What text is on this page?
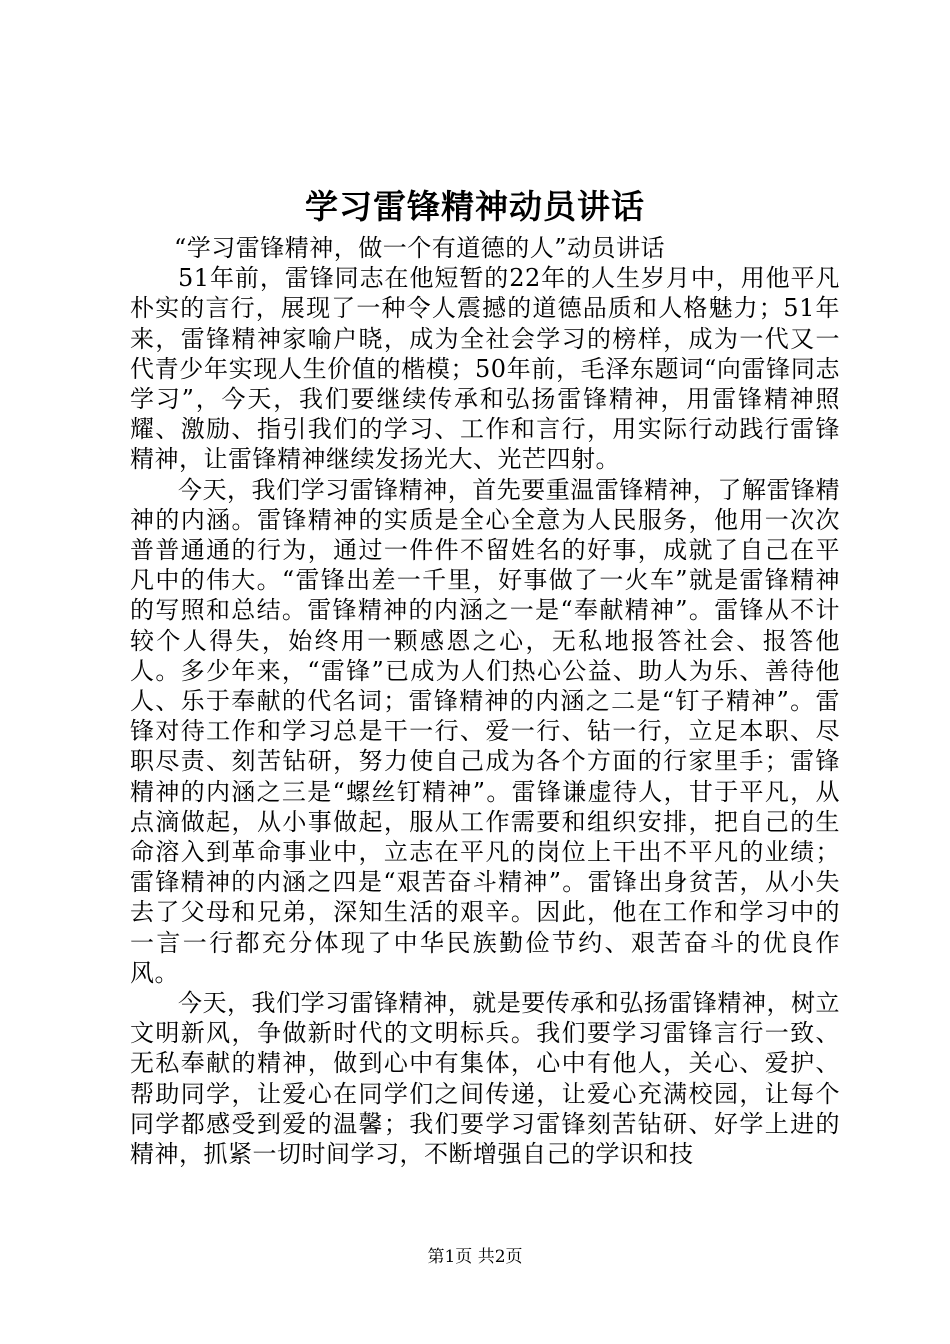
学习雷锋精神动员讲话

“学习雷锋精神，做一个有道德的人”动员讲话

51年前，雷锋同志在他短暂的22年的人生岁月中，用他平凡朴实的言行，展现了一种令人震撼的道德品质和人格魅力；51年来，雷锋精神家喻户晓，成为全社会学习的榜样，成为一代又一代青少年实现人生价值的楷模；50年前，毛泽东题词“向雷锋同志学习”，今天，我们要继续传承和弘扬雷锋精神，用雷锋精神照耀、激励、指引我们的学习、工作和言行，用实际行动践行雷锋精神，让雷锋精神继续发扬光大、光芒四射。

今天，我们学习雷锋精神，首先要重温雷锋精神，了解雷锋精神的内涵。雷锋精神的实质是全心全意为人民服务，他用一次次普普通通的行为，通过一件件不留姓名的好事，成就了自己在平凡中的伟大。“雷锋出差一千里，好事做了一火车”就是雷锋精神的写照和总结。雷锋精神的内涵之一是“奉献精神”。雷锋从不计较个人得失，始终用一颗感恩之心，无私地报答社会、报答他人。多少年来，“雷锋”已成为人们热心公益、助人为乐、善待他人、乐于奉献的代名词；雷锋精神的内涵之二是“钉子精神”。雷锋对待工作和学习总是干一行、爱一行、钻一行，立足本职、尽职尽责、刻苦钻研，努力使自己成为各个方面的行家里手；雷锋精神的内涵之三是“螺丝钉精神”。雷锋谦虚待人，甘于平凡，从点滴做起，从小事做起，服从工作需要和组织安排，把自己的生命溶入到革命事业中，立志在平凡的岗位上干出不平凡的业绩；雷锋精神的内涵之四是“艰苦奋斗精神”。雷锋出身贫苦，从小失去了父母和兄弟，深知生活的艰辛。因此，他在工作和学习中的一言一行都充分体现了中华民族勤俭节约、艰苦奋斗的优良作风。

今天，我们学习雷锋精神，就是要传承和弘扬雷锋精神，树立文明新风，争做新时代的文明标兵。我们要学习雷锋言行一致、无私奉献的精神，做到心中有集体，心中有他人，关心、爱护、帮助同学，让爱心在同学们之间传递，让爱心充满校园，让每个同学都感受到爱的温馨；我们要学习雷锋刻苦钻研、好学上进的精神，抓紧一切时间学习，不断增强自己的学识和技

第1页 共2页
